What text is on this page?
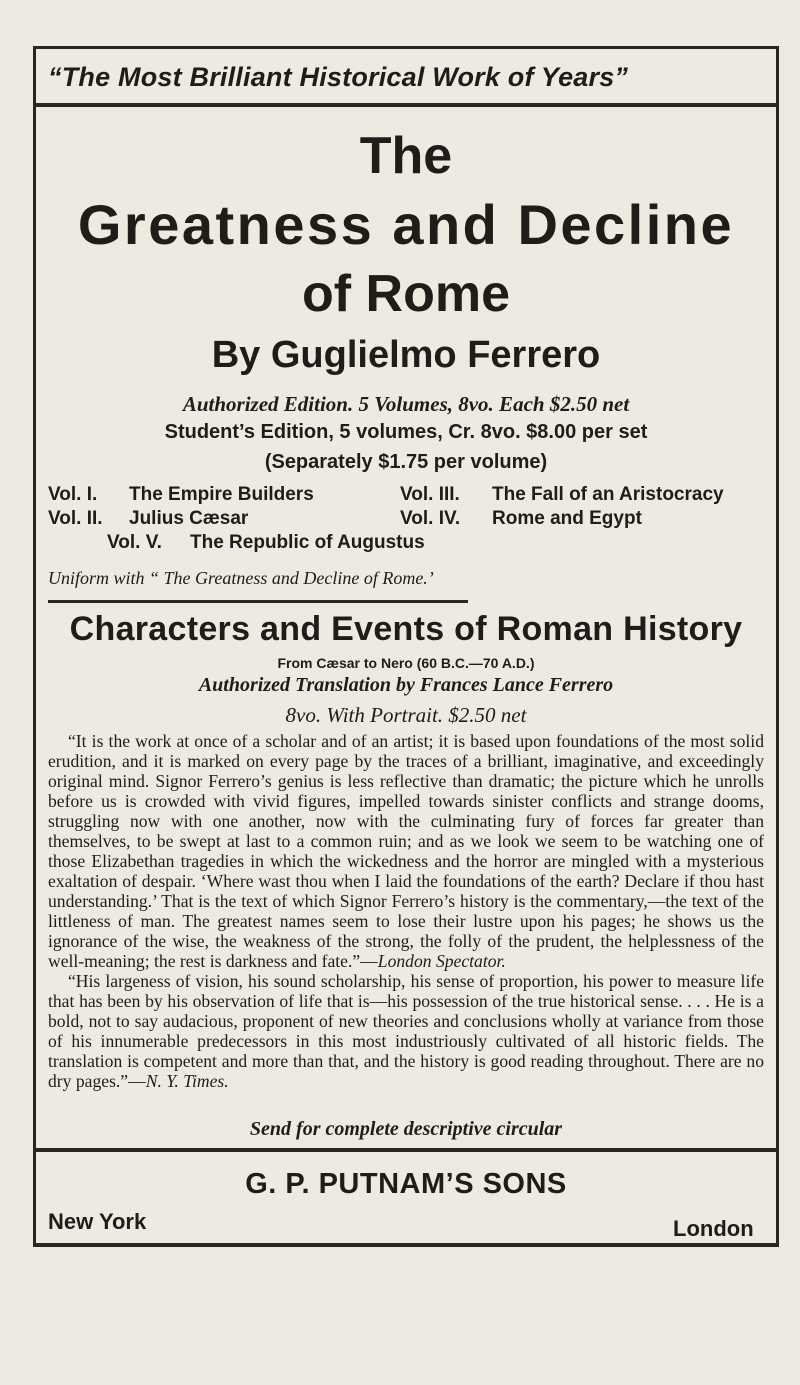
“The Most Brilliant Historical Work of Years”
The
Greatness and Decline
of Rome
By Guglielmo Ferrero
Authorized Edition. 5 Volumes, 8vo. Each $2.50 net
Student’s Edition, 5 volumes, Cr. 8vo. $8.00 per set
(Separately $1.75 per volume)
Vol. I. The Empire Builders	Vol. III. The Fall of an Aristocracy
Vol. II. Julius Cæsar	Vol. IV. Rome and Egypt
Vol. V. The Republic of Augustus
Uniform with “ The Greatness and Decline of Rome.’
Characters and Events of Roman History
From Cæsar to Nero (60 B.C.—70 A.D.)
Authorized Translation by Frances Lance Ferrero
8vo. With Portrait. $2.50 net

“It is the work at once of a scholar and of an artist; it is based upon foundations of the most solid erudition, and it is marked on every page by the traces of a brilliant, imaginative, and exceedingly original mind. Signor Ferrero’s genius is less reflective than dramatic; the picture which he unrolls before us is crowded with vivid figures, impelled towards sinister conflicts and strange dooms, struggling now with one another, now with the culminating fury of forces far greater than themselves, to be swept at last to a common ruin; and as we look we seem to be watching one of those Elizabethan tragedies in which the wickedness and the horror are mingled with a mysterious exaltation of despair. ‘Where wast thou when I laid the foundations of the earth? Declare if thou hast understanding.’ That is the text of which Signor Ferrero’s history is the commentary,—the text of the littleness of man. The greatest names seem to lose their lustre upon his pages; he shows us the ignorance of the wise, the weakness of the strong, the folly of the prudent, the helplessness of the well-meaning; the rest is darkness and fate.”—London Spectator.

“His largeness of vision, his sound scholarship, his sense of proportion, his power to measure life that has been by his observation of life that is—his possession of the true historical sense. . . . He is a bold, not to say audacious, proponent of new theories and conclusions wholly at variance from those of his innumerable predecessors in this most industriously cultivated of all historic fields. The translation is competent and more than that, and the history is good reading throughout. There are no dry pages.”—N. Y. Times.

Send for complete descriptive circular
G. P. PUTNAM’S SONS
New York	London
